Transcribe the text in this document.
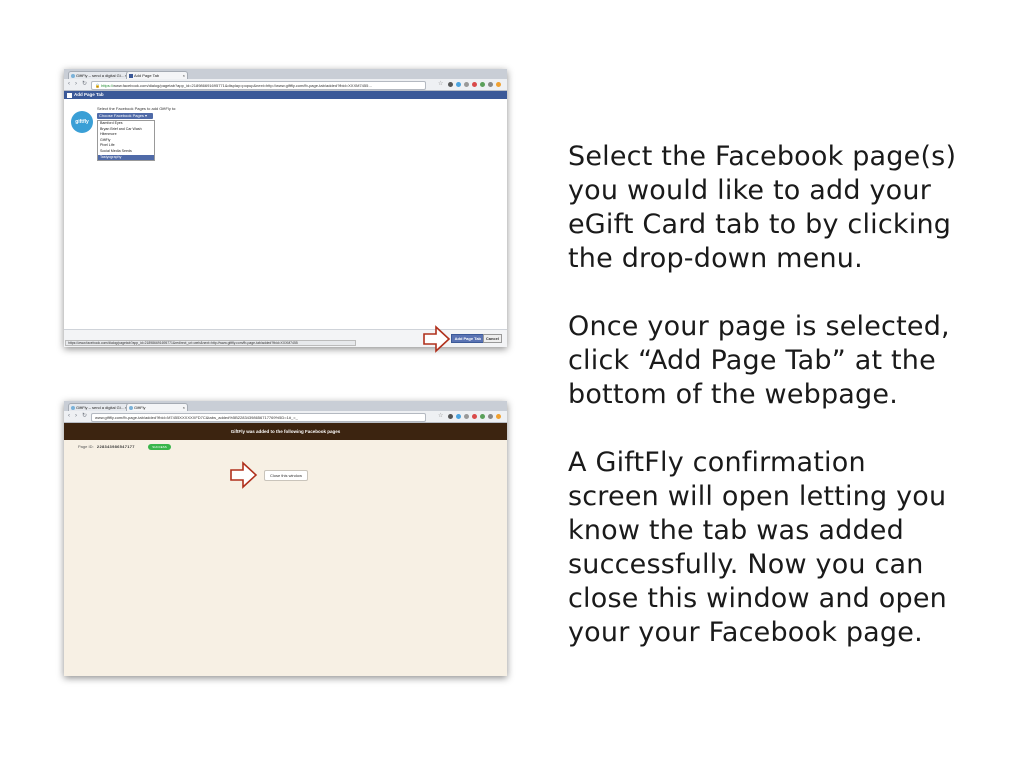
GiftFly – send a digital Gi…	Add Page Tab	×
‹ › ↻	🔒 https://www.facebook.com/dialog/pagetab?app_id=218986691695771&display=popup&next=http://www.giftfly.com/fb-page-tab/added?fbid=XXXM7455…	☆
Add Page Tab
giftfly
Select the Facebook Pages to add GiftFly to:
Choose Facebook Pages ▾
Bamford Eyes
Bryan Brief and Car Wash
Hitenmore
GiftFly
Pixel Life
Social Media Seeds
Tastyography
https://www.facebook.com/dialog/pagetab?app_id=218986691695771&redirect_uri=web&next=http://www.giftfly.com/fb-page-tab/added?fbid=XXXM7455
Add Page Tab	Cancel
GiftFly – send a digital Gi…	GiftFly	×
‹ › ↻	www.giftfly.com/fb-page-tab/added?fbid=M7455XXXXXXFD7C&tabs_added%5B22834398656717769%5D=1#_=_	☆
GiftFly was added to the following Facebook pages
Page ID: 228343986547177	SUCCESS
Close this window

Select the Facebook page(s) you would like to add your eGift Card tab to by clicking the drop-down menu.

Once your page is selected, click “Add Page Tab” at the bottom of the webpage.

A GiftFly confirmation screen will open letting you know the tab was added successfully. Now you can close this window and open your your Facebook page.
